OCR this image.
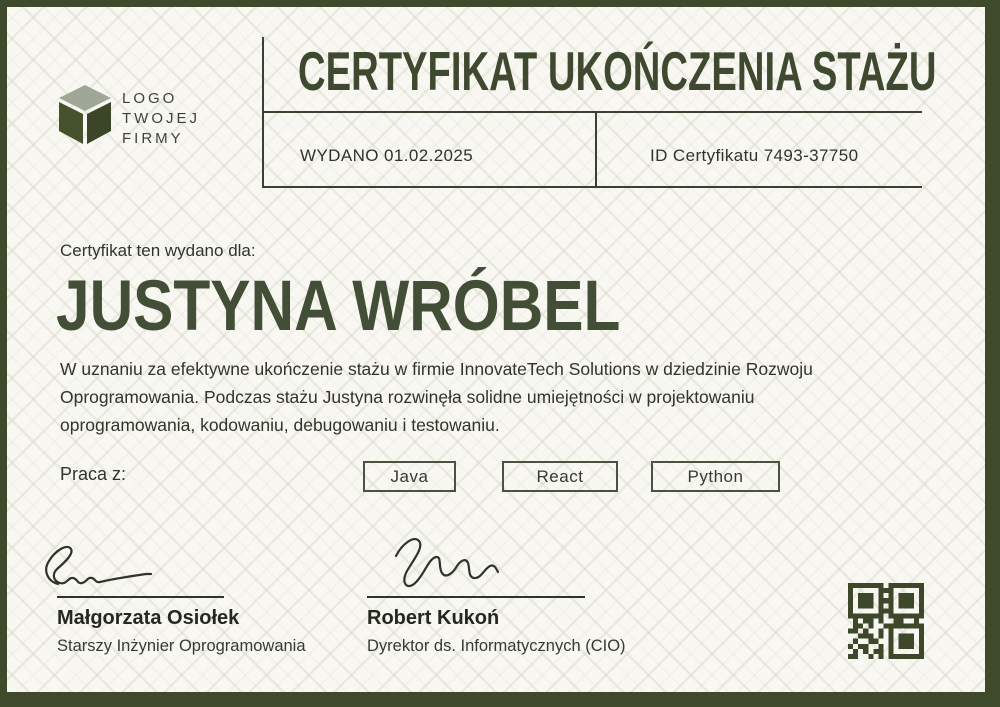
LOGO
TWOJEJ
FIRMY
CERTYFIKAT UKOŃCZENIA STAŻU
WYDANO 01.02.2025	ID Certyfikatu 7493-37750
Certyfikat ten wydano dla:
JUSTYNA WRÓBEL
W uznaniu za efektywne ukończenie stażu w firmie InnovateTech Solutions w dziedzinie Rozwoju Oprogramowania. Podczas stażu Justyna rozwinęła solidne umiejętności w projektowaniu oprogramowania, kodowaniu, debugowaniu i testowaniu.
Praca z:	Java	React	Python
Małgorzata Osiołek
Starszy Inżynier Oprogramowania
Robert Kukoń
Dyrektor ds. Informatycznych (CIO)
